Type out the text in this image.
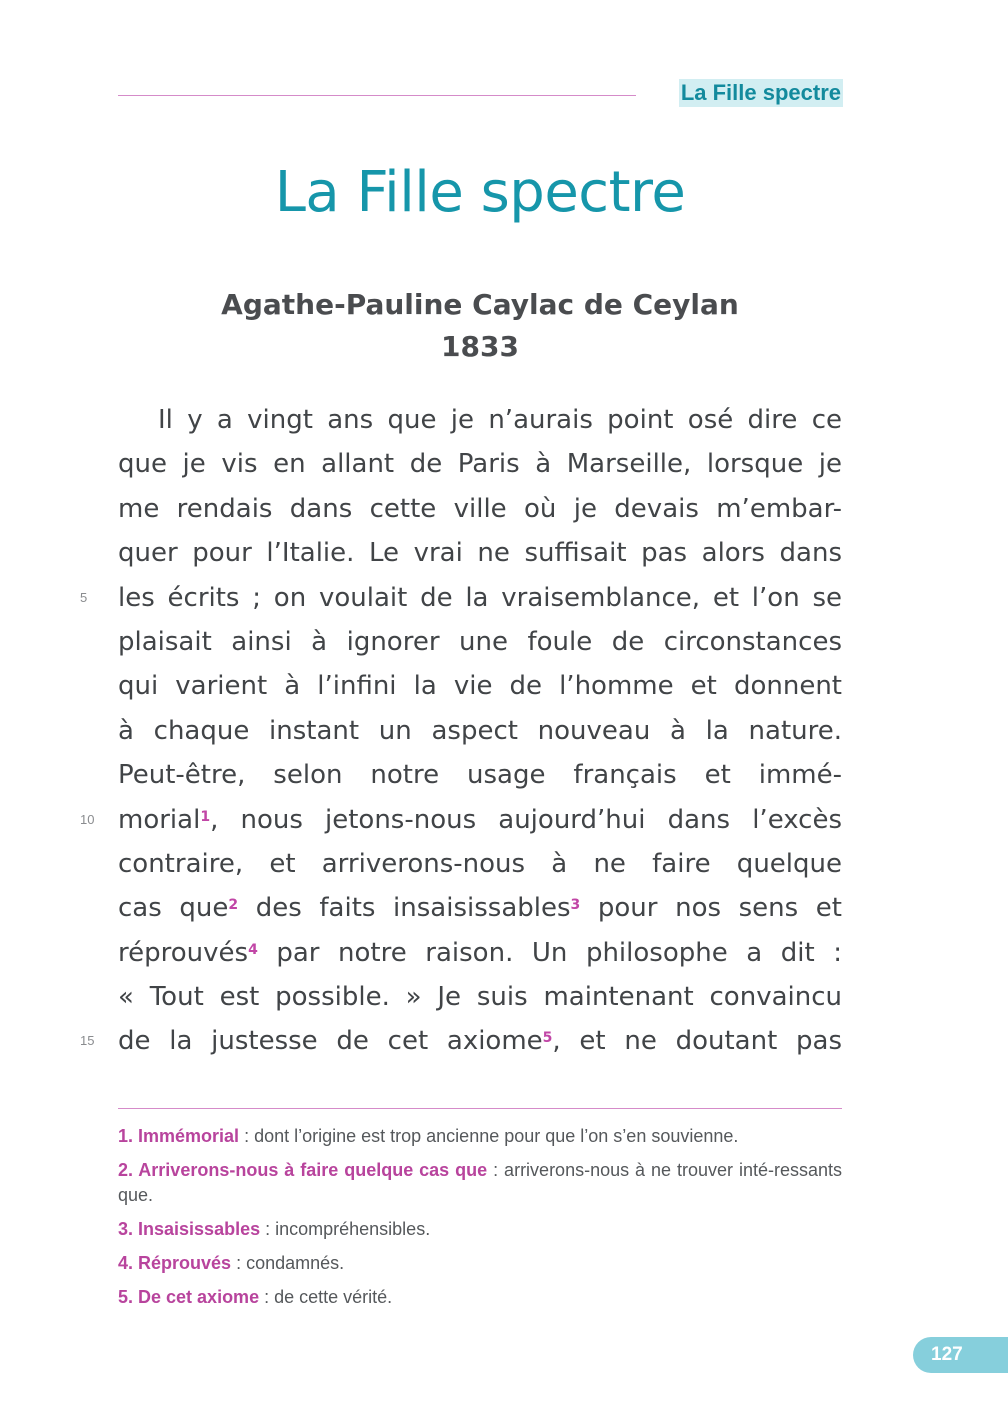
La Fille spectre
La Fille spectre
Agathe-Pauline Caylac de Ceylan
1833
Il y a vingt ans que je n’aurais point osé dire ce
que je vis en allant de Paris à Marseille, lorsque je
me rendais dans cette ville où je devais m’embar-
quer pour l’Italie. Le vrai ne suffisait pas alors dans
les écrits ; on voulait de la vraisemblance, et l’on se
5
plaisait ainsi à ignorer une foule de circonstances
qui varient à l’infini la vie de l’homme et donnent
à chaque instant un aspect nouveau à la nature.
Peut-être, selon notre usage français et immé-
morial$^1$, nous jetons-nous aujourd’hui dans l’excès
10
contraire, et arriverons-nous à ne faire quelque
cas que$^2$ des faits insaisissables$^3$ pour nos sens et
réprouvés$^4$ par notre raison. Un philosophe a dit :
« Tout est possible. » Je suis maintenant convaincu
de la justesse de cet axiome$^5$, et ne doutant pas
15
1. Immémorial : dont l’origine est trop ancienne pour que l’on s’en souvienne.
2. Arriverons-nous à faire quelque cas que : arriverons-nous à ne trouver inté-ressants que.
3. Insaisissables : incompréhensibles.
4. Réprouvés : condamnés.
5. De cet axiome : de cette vérité.
127
